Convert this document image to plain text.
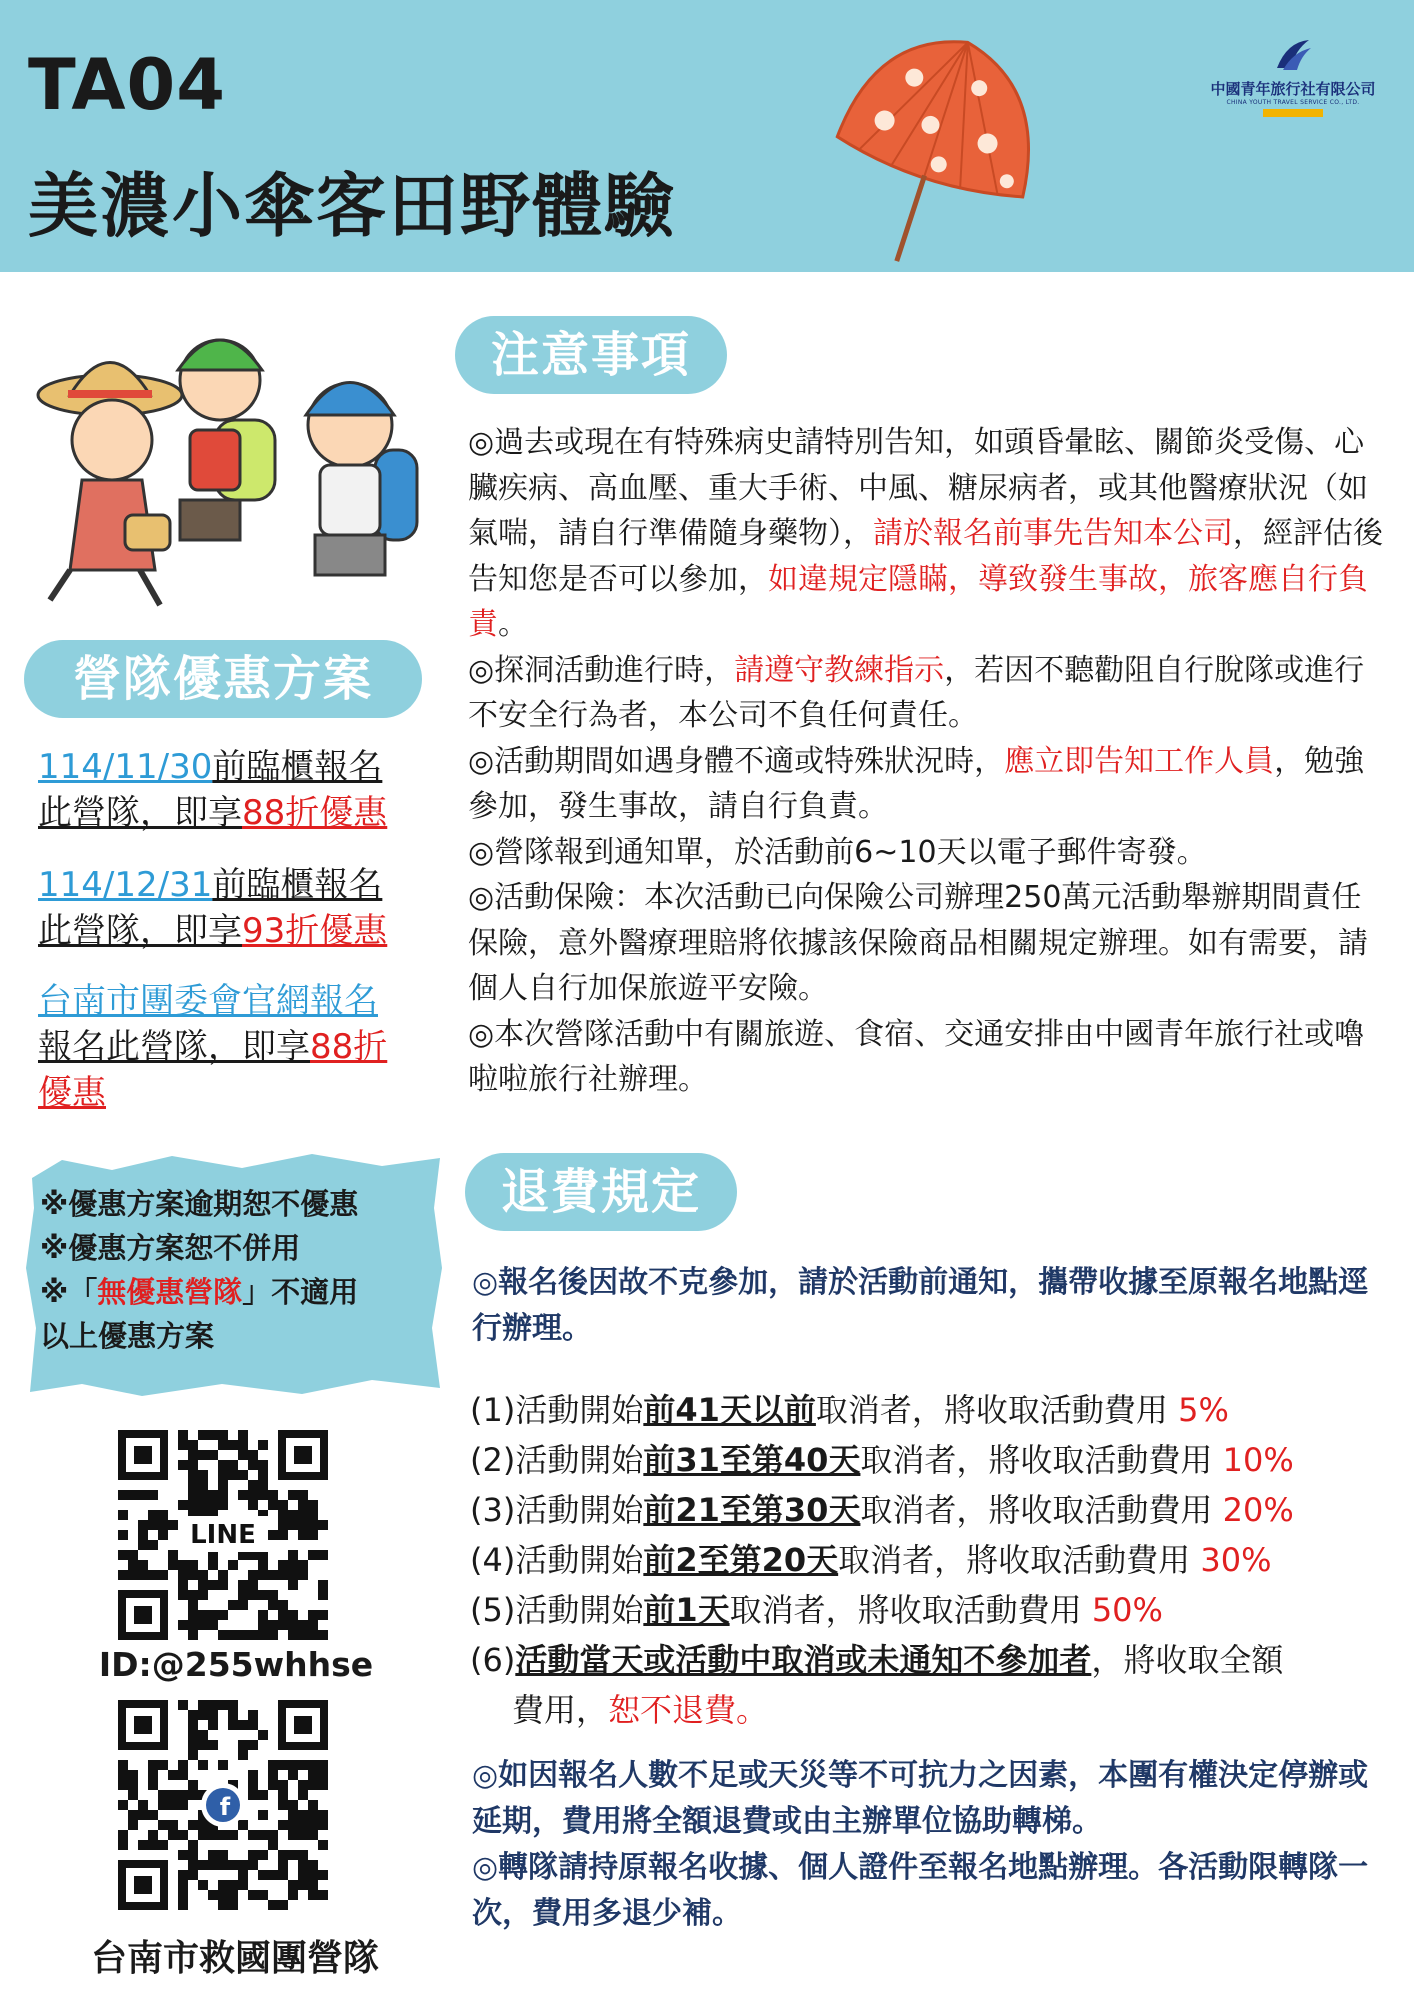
TA04
美濃小傘客田野體驗
中國青年旅行社有限公司
CHINA YOUTH TRAVEL SERVICE CO., LTD.
營隊優惠方案
114/11/30前臨櫃報名
此營隊，即享88折優惠
114/12/31前臨櫃報名
此營隊，即享93折優惠
台南市團委會官網報名
報名此營隊，即享88折
優惠
※優惠方案逾期恕不優惠
※優惠方案恕不併用
※「無優惠營隊」不適用
以上優惠方案
LINE
ID:@255whhse
f
台南市救國團營隊
注意事項

◎過去或現在有特殊病史請特別告知，如頭昏暈眩、關節炎受傷、心臟疾病、高血壓、重大手術、中風、糖尿病者，或其他醫療狀況（如氣喘，請自行準備隨身藥物），請於報名前事先告知本公司，經評估後告知您是否可以參加，如違規定隱瞞，導致發生事故，旅客應自行負責。

◎探洞活動進行時，請遵守教練指示，若因不聽勸阻自行脫隊或進行不安全行為者，本公司不負任何責任。

◎活動期間如遇身體不適或特殊狀況時，應立即告知工作人員，勉強參加，發生事故，請自行負責。

◎營隊報到通知單，於活動前6~10天以電子郵件寄發。

◎活動保險：本次活動已向保險公司辦理250萬元活動舉辦期間責任保險，意外醫療理賠將依據該保險商品相關規定辦理。如有需要，請個人自行加保旅遊平安險。

◎本次營隊活動中有關旅遊、食宿、交通安排由中國青年旅行社或嚕啦啦旅行社辦理。

退費規定
◎報名後因故不克參加，請於活動前通知，攜帶收據至原報名地點逕行辦理。
(1)活動開始前41天以前取消者，將收取活動費用 5%
(2)活動開始前31至第40天取消者，將收取活動費用 10%
(3)活動開始前21至第30天取消者，將收取活動費用 20%
(4)活動開始前2至第20天取消者，將收取活動費用 30%
(5)活動開始前1天取消者，將收取活動費用 50%
(6)活動當天或活動中取消或未通知不參加者，將收取全額
費用，恕不退費。

◎如因報名人數不足或天災等不可抗力之因素，本團有權決定停辦或延期，費用將全額退費或由主辦單位協助轉梯。

◎轉隊請持原報名收據、個人證件至報名地點辦理。各活動限轉隊一次，費用多退少補。
